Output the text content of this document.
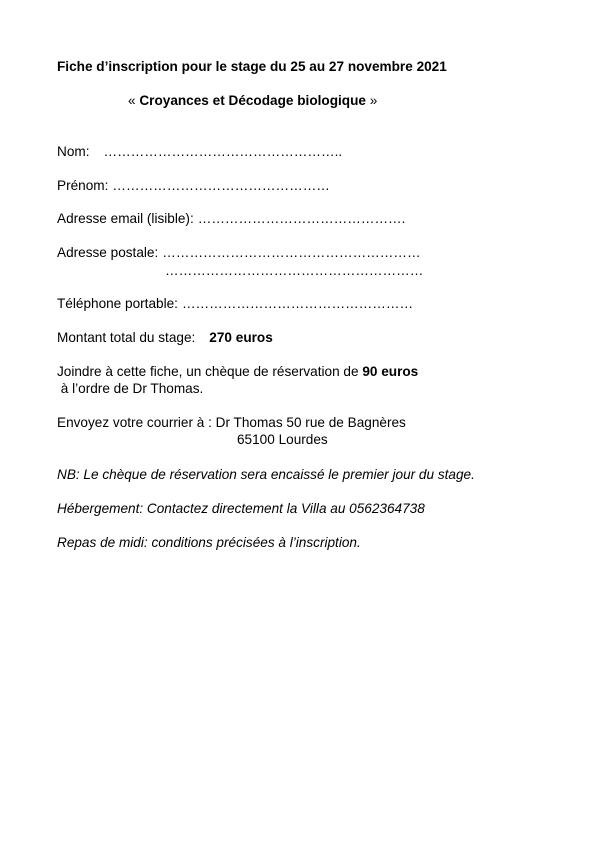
Fiche d’inscription pour le stage du 25 au 27 novembre 2021
« Croyances et Décodage biologique »
Nom: ……………………………………………..
Prénom: …………………………………………
Adresse email (lisible): ……………………………………….
Adresse postale: …………………………………………………
…………………………………………………
Téléphone portable: ……………………………………………
Montant total du stage: 270 euros
Joindre à cette fiche, un chèque de réservation de 90 euros
à l’ordre de Dr Thomas.
Envoyez votre courrier à : Dr Thomas 50 rue de Bagnères
65100 Lourdes
NB: Le chèque de réservation sera encaissé le premier jour du stage.
Hébergement: Contactez directement la Villa au 0562364738
Repas de midi: conditions précisées à l’inscription.
